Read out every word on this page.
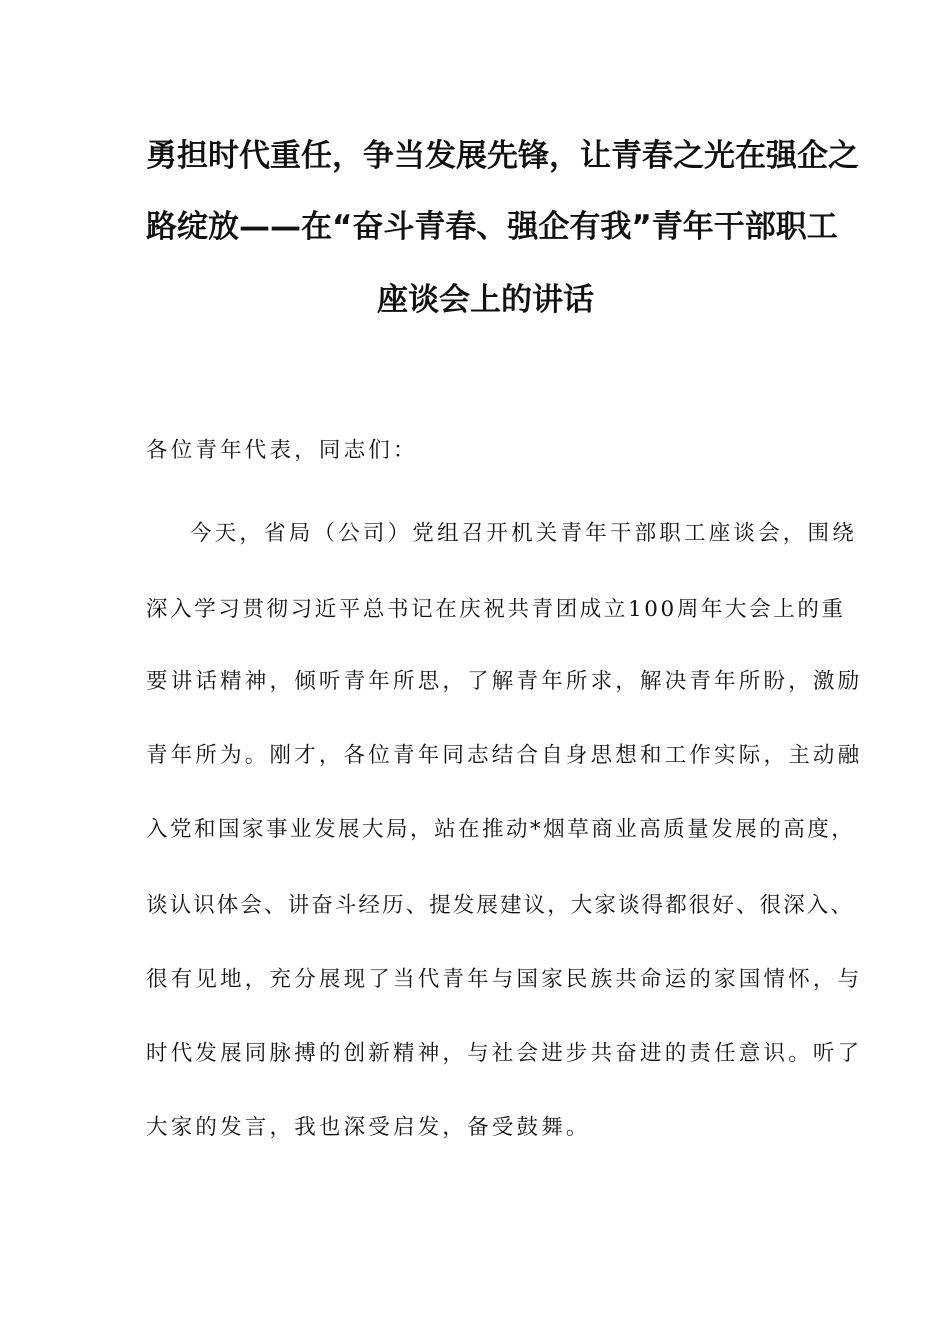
勇担时代重任，争当发展先锋，让青春之光在强企之
路绽放——在“奋斗青春、强企有我”青年干部职工
座谈会上的讲话
各位青年代表，同志们：
今天，省局（公司）党组召开机关青年干部职工座谈会，围绕
深入学习贯彻习近平总书记在庆祝共青团成立100周年大会上的重
要讲话精神，倾听青年所思，了解青年所求，解决青年所盼，激励
青年所为。刚才，各位青年同志结合自身思想和工作实际，主动融
入党和国家事业发展大局，站在推动*烟草商业高质量发展的高度，
谈认识体会、讲奋斗经历、提发展建议，大家谈得都很好、很深入、
很有见地，充分展现了当代青年与国家民族共命运的家国情怀，与
时代发展同脉搏的创新精神，与社会进步共奋进的责任意识。听了
大家的发言，我也深受启发，备受鼓舞。
